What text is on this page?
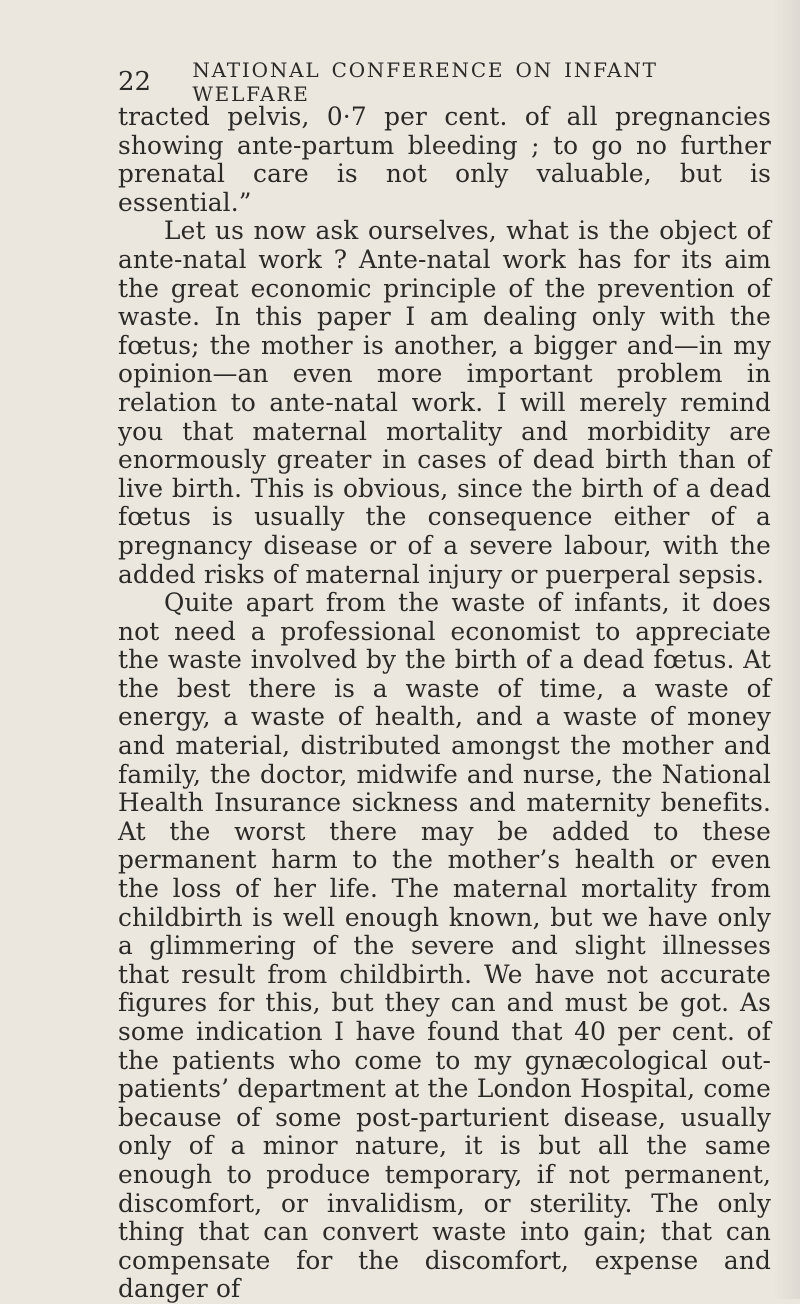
22	NATIONAL CONFERENCE ON INFANT WELFARE

tracted pelvis, 0·7 per cent. of all pregnancies showing ante-partum bleeding ; to go no further prenatal care is not only valuable, but is essential.”

Let us now ask ourselves, what is the object of ante-natal work ? Ante-natal work has for its aim the great economic principle of the prevention of waste. In this paper I am dealing only with the fœtus; the mother is another, a bigger and—in my opinion—an even more important problem in relation to ante-natal work. I will merely remind you that maternal mortality and morbidity are enormously greater in cases of dead birth than of live birth. This is obvious, since the birth of a dead fœtus is usually the consequence either of a pregnancy disease or of a severe labour, with the added risks of maternal injury or puerperal sepsis.

Quite apart from the waste of infants, it does not need a professional economist to appreciate the waste involved by the birth of a dead fœtus. At the best there is a waste of time, a waste of energy, a waste of health, and a waste of money and material, distributed amongst the mother and family, the doctor, midwife and nurse, the National Health Insurance sickness and maternity benefits. At the worst there may be added to these permanent harm to the mother’s health or even the loss of her life. The maternal mortality from childbirth is well enough known, but we have only a glimmering of the severe and slight illnesses that result from childbirth. We have not accurate figures for this, but they can and must be got. As some indication I have found that 40 per cent. of the patients who come to my gynæcological out-patients’ department at the London Hospital, come because of some post-parturient disease, usually only of a minor nature, it is but all the same enough to produce temporary, if not permanent, discomfort, or invalidism, or sterility. The only thing that can convert waste into gain; that can compensate for the discomfort, expense and danger of
